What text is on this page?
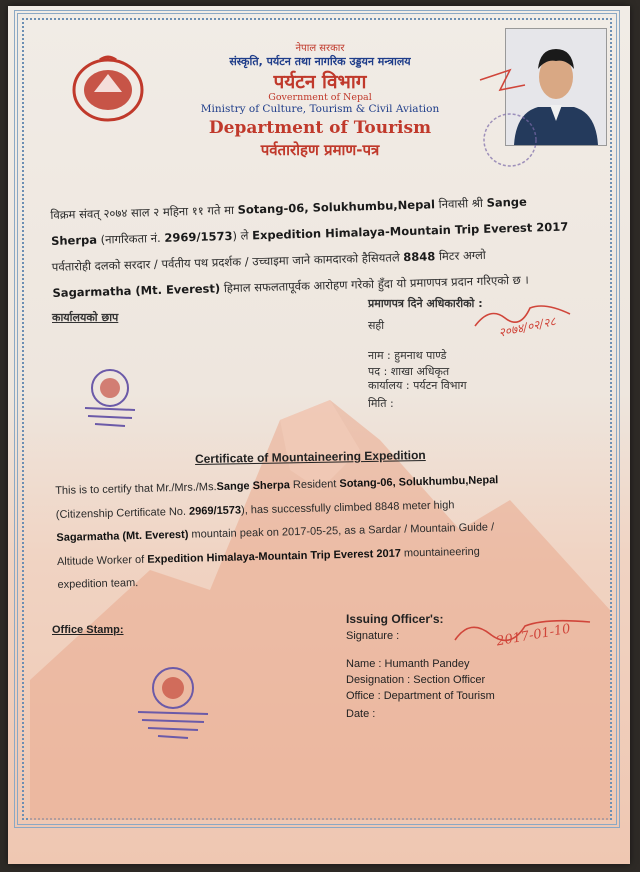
नेपाल सरकार
संस्कृति, पर्यटन तथा नागरिक उड्डयन मन्त्रालय
पर्यटन विभाग
Government of Nepal
Ministry of Culture, Tourism & Civil Aviation
Department of Tourism
पर्वतारोहण प्रमाण-पत्र
विक्रम संवत् २०७४ साल २ महिना ११ गते मा Sotang-06, Solukhumbu,Nepal निवासी श्री Sange
Sherpa (नागरिकता नं. 2969/1573) ले Expedition Himalaya-Mountain Trip Everest 2017
पर्वतारोही दलको सरदार / पर्वतीय पथ प्रदर्शक / उच्चाइमा जाने कामदारको हैसियतले 8848 मिटर अग्लो
Sagarmatha (Mt. Everest) हिमाल सफलतापूर्वक आरोहण गरेको हुँदा यो प्रमाणपत्र प्रदान गरिएको छ ।
कार्यालयको छाप
प्रमाणपत्र दिने अधिकारीको :
सही
नाम : हुमनाथ पाण्डे
पद : शाखा अधिकृत
कार्यालय : पर्यटन विभाग
मिति :
२०७४/०२/२८
Certificate of Mountaineering Expedition
This is to certify that Mr./Mrs./Ms.Sange Sherpa Resident Sotang-06, Solukhumbu,Nepal
(Citizenship Certificate No. 2969/1573), has successfully climbed 8848 meter high
Sagarmatha (Mt. Everest) mountain peak on 2017-05-25, as a Sardar / Mountain Guide /
Altitude Worker of Expedition Himalaya-Mountain Trip Everest 2017 mountaineering
expedition team.
Office Stamp:
Issuing Officer's:
Signature :
Name : Humanth Pandey
Designation : Section Officer
Office : Department of Tourism
Date :
2017-01-10
